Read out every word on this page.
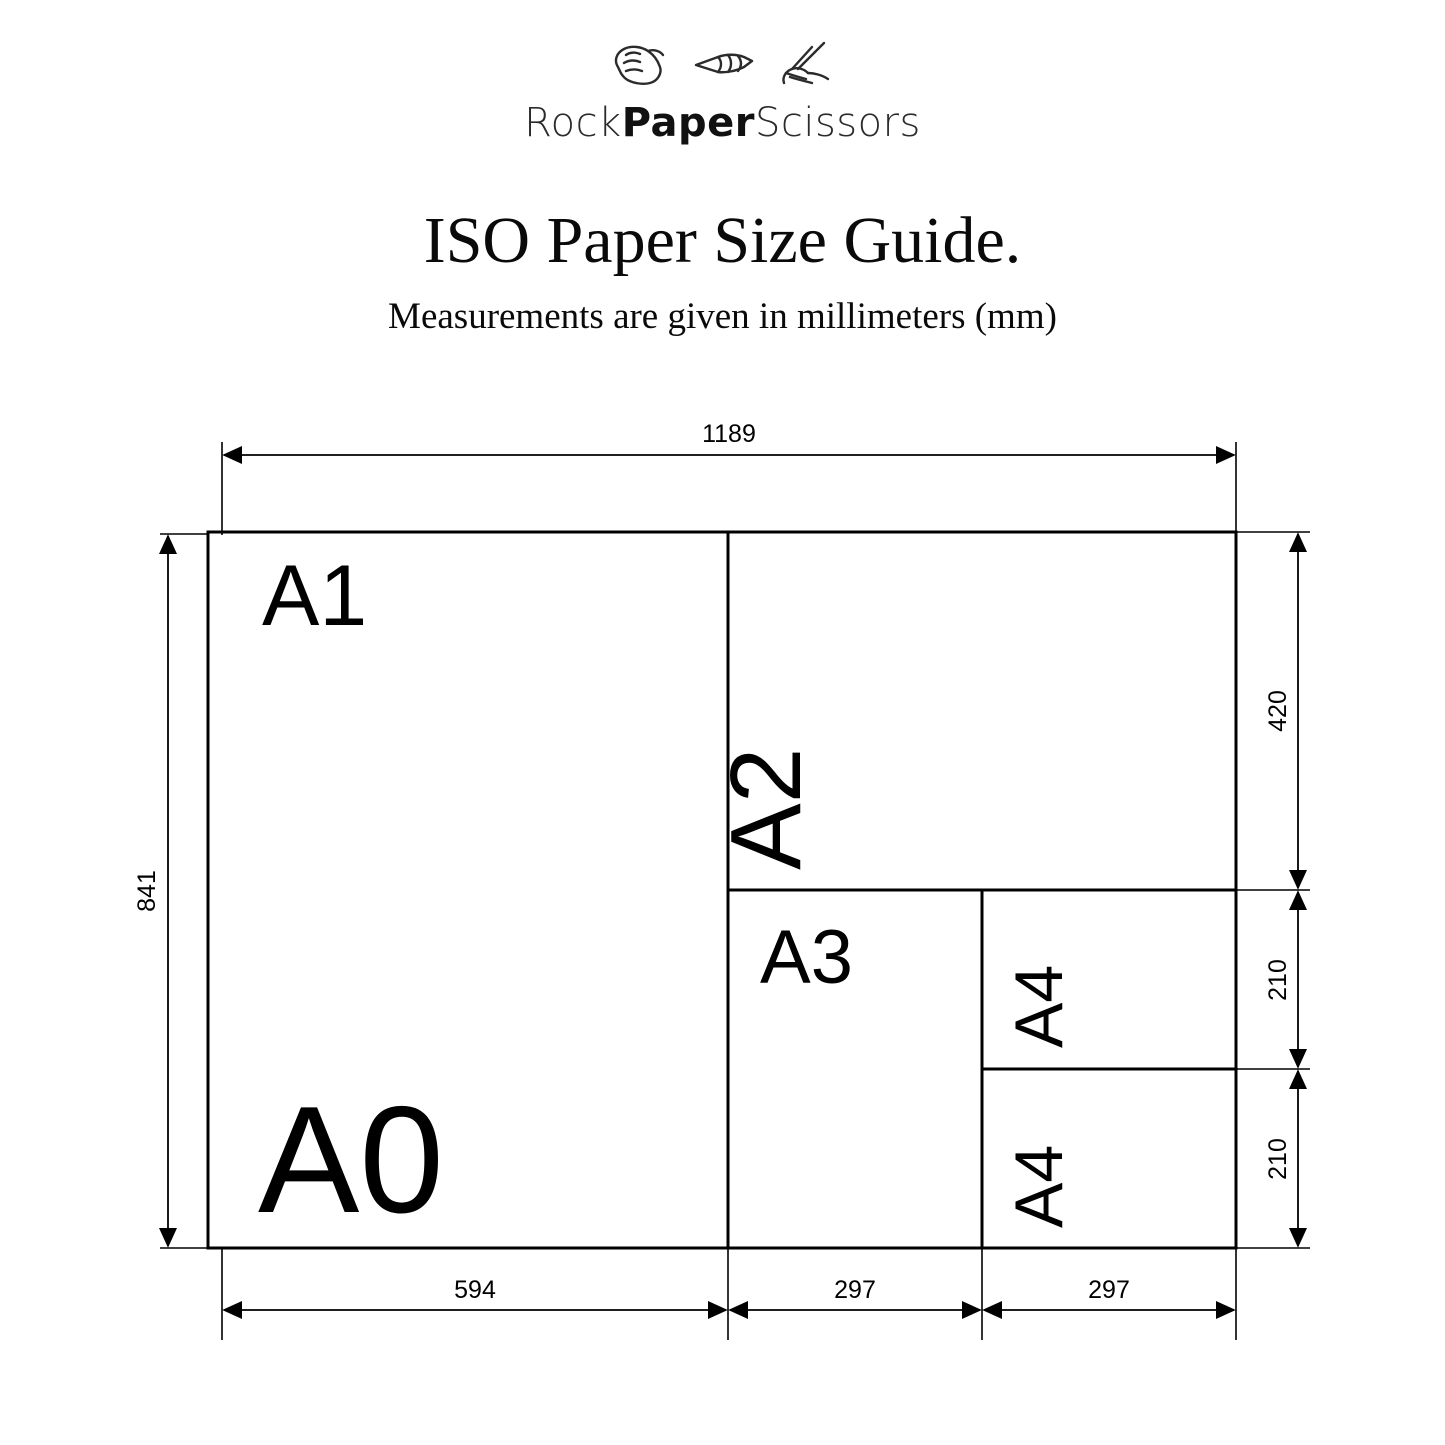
RockPaperScissors
ISO Paper Size Guide.
Measurements are given in millimeters (mm)
A1
A0
A2
A3
A4
A4
1189
841
420
210
210
594	297	297
